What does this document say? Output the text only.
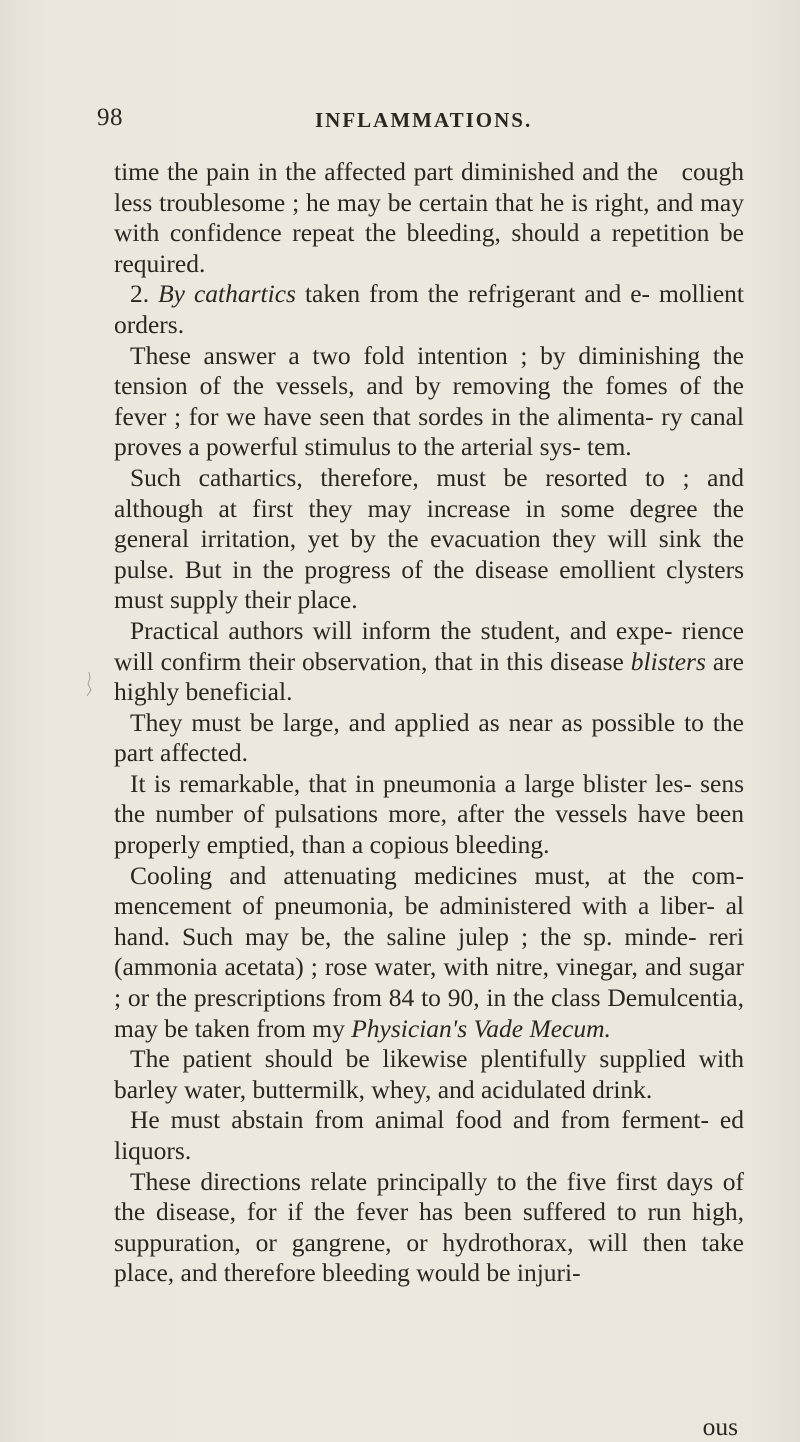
98	INFLAMMATIONS.

time the pain in the affected part diminished and the cough less troublesome ; he may be certain that he is right, and may with confidence repeat the bleeding, should a repetition be required.

2. By cathartics taken from the refrigerant and e- mollient orders.

These answer a two fold intention ; by diminishing the tension of the vessels, and by removing the fomes of the fever ; for we have seen that sordes in the alimenta- ry canal proves a powerful stimulus to the arterial sys- tem.

Such cathartics, therefore, must be resorted to ; and although at first they may increase in some degree the general irritation, yet by the evacuation they will sink the pulse. But in the progress of the disease emollient clysters must supply their place.

Practical authors will inform the student, and expe- rience will confirm their observation, that in this disease blisters are highly beneficial.

They must be large, and applied as near as possible to the part affected.

It is remarkable, that in pneumonia a large blister les- sens the number of pulsations more, after the vessels have been properly emptied, than a copious bleeding.

Cooling and attenuating medicines must, at the com- mencement of pneumonia, be administered with a liber- al hand. Such may be, the saline julep ; the sp. minde- reri (ammonia acetata) ; rose water, with nitre, vinegar, and sugar ; or the prescriptions from 84 to 90, in the class Demulcentia, may be taken from my Physician's Vade Mecum.

The patient should be likewise plentifully supplied with barley water, buttermilk, whey, and acidulated drink.

He must abstain from animal food and from ferment- ed liquors.

These directions relate principally to the five first days of the disease, for if the fever has been suffered to run high, suppuration, or gangrene, or hydrothorax, will then take place, and therefore bleeding would be injuri-

ous
